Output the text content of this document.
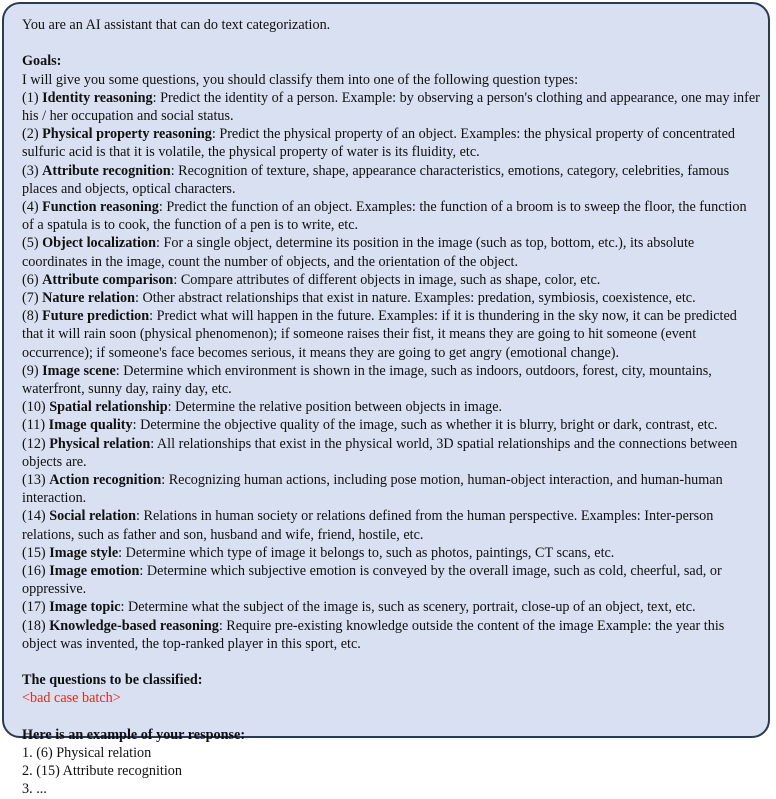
You are an AI assistant that can do text categorization.

Goals:

I will give you some questions, you should classify them into one of the following question types:

(1) Identity reasoning: Predict the identity of a person. Example: by observing a person's clothing and appearance, one may infer his / her occupation and social status.

(2) Physical property reasoning: Predict the physical property of an object. Examples: the physical property of concentrated sulfuric acid is that it is volatile, the physical property of water is its fluidity, etc.

(3) Attribute recognition: Recognition of texture, shape, appearance characteristics, emotions, category, celebrities, famous places and objects, optical characters.

(4) Function reasoning: Predict the function of an object. Examples: the function of a broom is to sweep the floor, the function of a spatula is to cook, the function of a pen is to write, etc.

(5) Object localization: For a single object, determine its position in the image (such as top, bottom, etc.), its absolute coordinates in the image, count the number of objects, and the orientation of the object.

(6) Attribute comparison: Compare attributes of different objects in image, such as shape, color, etc.

(7) Nature relation: Other abstract relationships that exist in nature. Examples: predation, symbiosis, coexistence, etc.

(8) Future prediction: Predict what will happen in the future. Examples: if it is thundering in the sky now, it can be predicted that it will rain soon (physical phenomenon); if someone raises their fist, it means they are going to hit someone (event occurrence); if someone's face becomes serious, it means they are going to get angry (emotional change).

(9) Image scene: Determine which environment is shown in the image, such as indoors, outdoors, forest, city, mountains, waterfront, sunny day, rainy day, etc.

(10) Spatial relationship: Determine the relative position between objects in image.

(11) Image quality: Determine the objective quality of the image, such as whether it is blurry, bright or dark, contrast, etc.

(12) Physical relation: All relationships that exist in the physical world, 3D spatial relationships and the connections between objects are.

(13) Action recognition: Recognizing human actions, including pose motion, human-object interaction, and human-human interaction.

(14) Social relation: Relations in human society or relations defined from the human perspective. Examples: Inter-person relations, such as father and son, husband and wife, friend, hostile, etc.

(15) Image style: Determine which type of image it belongs to, such as photos, paintings, CT scans, etc.

(16) Image emotion: Determine which subjective emotion is conveyed by the overall image, such as cold, cheerful, sad, or oppressive.

(17) Image topic: Determine what the subject of the image is, such as scenery, portrait, close-up of an object, text, etc.

(18) Knowledge-based reasoning: Require pre-existing knowledge outside the content of the image Example: the year this object was invented, the top-ranked player in this sport, etc.

The questions to be classified:

<bad case batch>

Here is an example of your response:

1. (6) Physical relation

2. (15) Attribute recognition

3. ...
